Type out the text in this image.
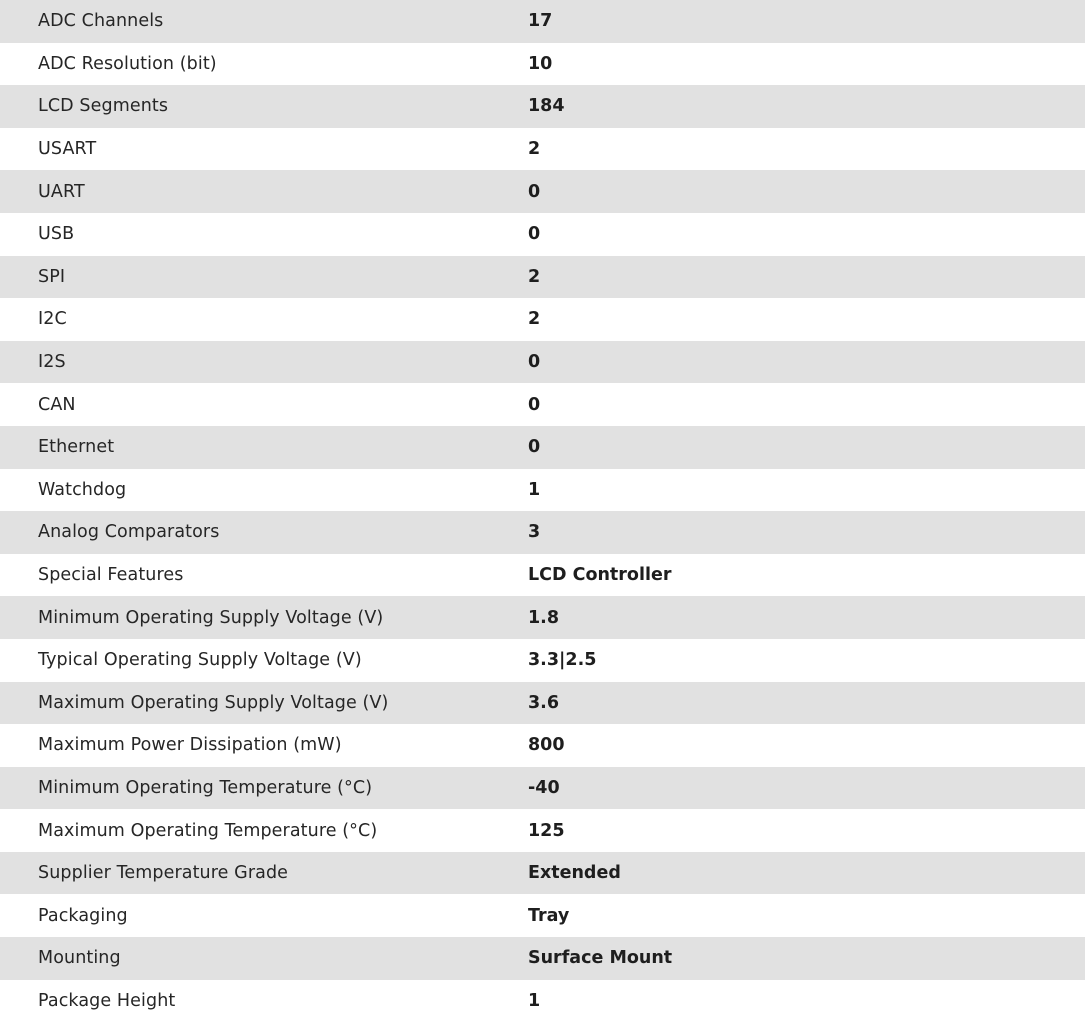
ADC Channels	17
ADC Resolution (bit)	10
LCD Segments	184
USART	2
UART	0
USB	0
SPI	2
I2C	2
I2S	0
CAN	0
Ethernet	0
Watchdog	1
Analog Comparators	3
Special Features	LCD Controller
Minimum Operating Supply Voltage (V)	1.8
Typical Operating Supply Voltage (V)	3.3|2.5
Maximum Operating Supply Voltage (V)	3.6
Maximum Power Dissipation (mW)	800
Minimum Operating Temperature (°C)	-40
Maximum Operating Temperature (°C)	125
Supplier Temperature Grade	Extended
Packaging	Tray
Mounting	Surface Mount
Package Height	1
